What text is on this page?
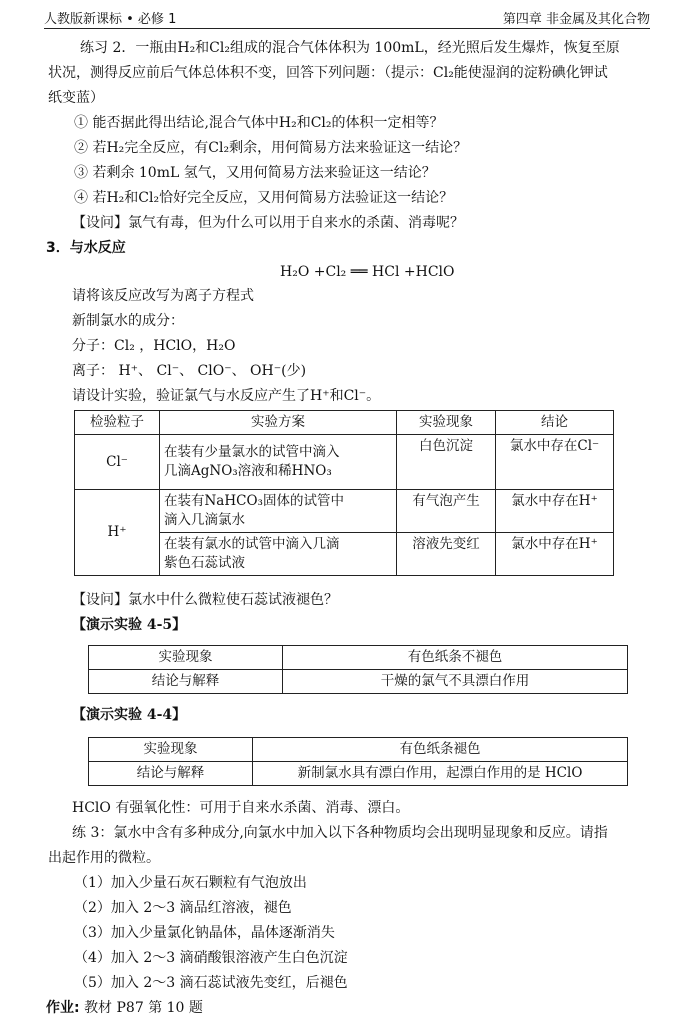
人教版新课标 • 必修 1	第四章 非金属及其化合物
练习 2．一瓶由H₂和Cl₂组成的混合气体体积为 100mL，经光照后发生爆炸，恢复至原
状况，测得反应前后气体总体积不变，回答下列问题：（提示：Cl₂能使湿润的淀粉碘化钾试
纸变蓝）
① 能否据此得出结论,混合气体中H₂和Cl₂的体积一定相等？
② 若H₂完全反应，有Cl₂剩余，用何简易方法来验证这一结论？
③ 若剩余 10mL 氢气，又用何简易方法来验证这一结论？
④ 若H₂和Cl₂恰好完全反应，又用何简易方法验证这一结论？
【设问】氯气有毒，但为什么可以用于自来水的杀菌、消毒呢？
3．与水反应
H₂O +Cl₂ ══ HCl +HClO
请将该反应改写为离子方程式
新制氯水的成分：
分子：Cl₂ ，HClO，H₂O
离子： H⁺、 Cl⁻、 ClO⁻、 OH⁻(少)
请设计实验，验证氯气与水反应产生了H⁺和Cl⁻。
检验粒子	实验方案	实验现象	结论
Cl⁻	在装有少量氯水的试管中滴入
几滴AgNO₃溶液和稀HNO₃	白色沉淀	氯水中存在Cl⁻
H⁺	在装有NaHCO₃固体的试管中
滴入几滴氯水	有气泡产生	氯水中存在H⁺

	在装有氯水的试管中滴入几滴
紫色石蕊试液	溶液先变红	氯水中存在H⁺
【设问】氯水中什么微粒使石蕊试液褪色？
【演示实验 4-5】
实验现象	有色纸条不褪色
结论与解释	干燥的氯气不具漂白作用
【演示实验 4-4】
实验现象	有色纸条褪色
结论与解释	新制氯水具有漂白作用，起漂白作用的是 HClO
HClO 有强氧化性：可用于自来水杀菌、消毒、漂白。
练 3：氯水中含有多种成分,向氯水中加入以下各种物质均会出现明显现象和反应。请指
出起作用的微粒。
（1）加入少量石灰石颗粒有气泡放出
（2）加入 2～3 滴品红溶液，褪色
（3）加入少量氯化钠晶体，晶体逐渐消失
（4）加入 2～3 滴硝酸银溶液产生白色沉淀
（5）加入 2～3 滴石蕊试液先变红，后褪色
作业: 教材 P87 第 10 题
